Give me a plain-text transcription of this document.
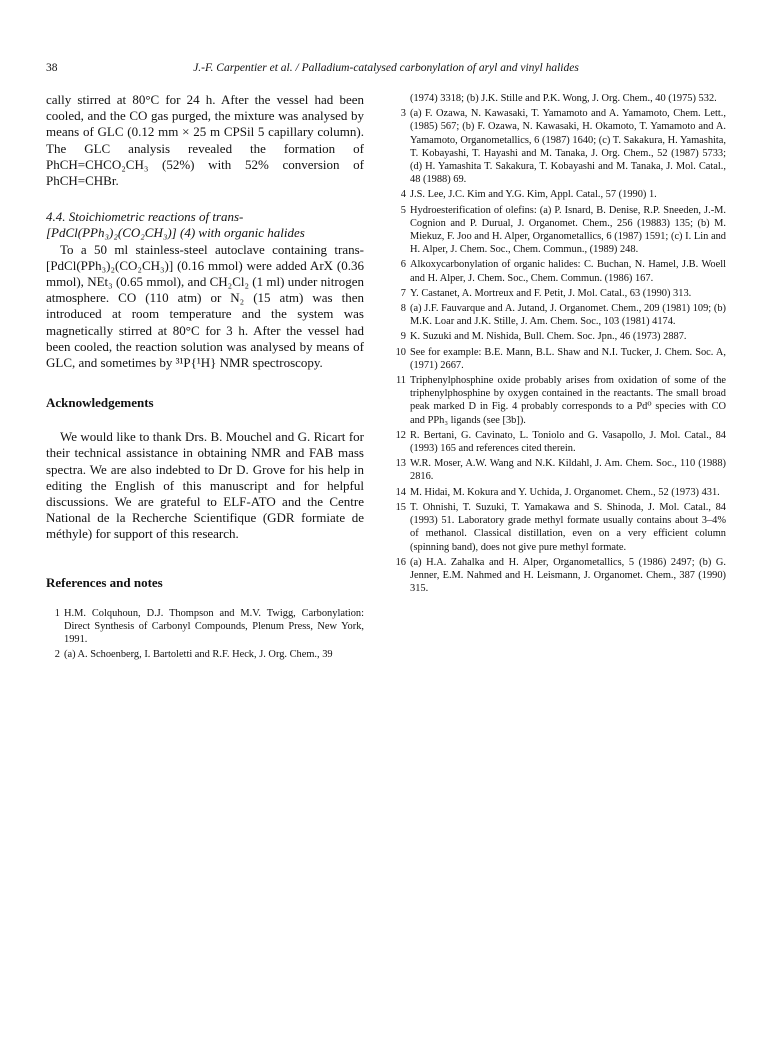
38	J.-F. Carpentier et al. / Palladium-catalysed carbonylation of aryl and vinyl halides

cally stirred at 80°C for 24 h. After the vessel had been cooled, and the CO gas purged, the mixture was analysed by means of GLC (0.12 mm × 25 m CPSil 5 capillary column). The GLC analysis revealed the formation of PhCH=CHCO₂CH₃ (52%) with 52% conversion of PhCH=CHBr.

4.4. Stoichiometric reactions of trans-[PdCl(PPh₃)₂(CO₂CH₃)] (4) with organic halides

To a 50 ml stainless-steel autoclave containing trans-[PdCl(PPh₃)₂(CO₂CH₃)] (0.16 mmol) were added ArX (0.36 mmol), NEt₃ (0.65 mmol), and CH₂Cl₂ (1 ml) under nitrogen atmosphere. CO (110 atm) or N₂ (15 atm) was then introduced at room temperature and the system was magnetically stirred at 80°C for 3 h. After the vessel had been cooled, the reaction solution was analysed by means of GLC, and sometimes by ³¹P{¹H} NMR spectroscopy.

Acknowledgements

We would like to thank Drs. B. Mouchel and G. Ricart for their technical assistance in obtaining NMR and FAB mass spectra. We are also indebted to Dr D. Grove for his help in editing the English of this manuscript and for helpful discussions. We are grateful to ELF-ATO and the Centre National de la Recherche Scientifique (GDR formiate de méthyle) for support of this research.

References and notes

1 H.M. Colquhoun, D.J. Thompson and M.V. Twigg, Carbonylation: Direct Synthesis of Carbonyl Compounds, Plenum Press, New York, 1991.
2 (a) A. Schoenberg, I. Bartoletti and R.F. Heck, J. Org. Chem., 39
(1974) 3318; (b) J.K. Stille and P.K. Wong, J. Org. Chem., 40 (1975) 532.
3 (a) F. Ozawa, N. Kawasaki, T. Yamamoto and A. Yamamoto, Chem. Lett., (1985) 567; (b) F. Ozawa, N. Kawasaki, H. Okamoto, T. Yamamoto and A. Yamamoto, Organometallics, 6 (1987) 1640; (c) T. Sakakura, H. Yamashita, T. Kobayashi, T. Hayashi and M. Tanaka, J. Org. Chem., 52 (1987) 5733; (d) H. Yamashita T. Sakakura, T. Kobayashi and M. Tanaka, J. Mol. Catal., 48 (1988) 69.
4 J.S. Lee, J.C. Kim and Y.G. Kim, Appl. Catal., 57 (1990) 1.
5 Hydroesterification of olefins: (a) P. Isnard, B. Denise, R.P. Sneeden, J.-M. Cognion and P. Durual, J. Organomet. Chem., 256 (19883) 135; (b) M. Miekuz, F. Joo and H. Alper, Organometallics, 6 (1987) 1591; (c) I. Lin and H. Alper, J. Chem. Soc., Chem. Commun., (1989) 248.
6 Alkoxycarbonylation of organic halides: C. Buchan, N. Hamel, J.B. Woell and H. Alper, J. Chem. Soc., Chem. Commun. (1986) 167.
7 Y. Castanet, A. Mortreux and F. Petit, J. Mol. Catal., 63 (1990) 313.
8 (a) J.F. Fauvarque and A. Jutand, J. Organomet. Chem., 209 (1981) 109; (b) M.K. Loar and J.K. Stille, J. Am. Chem. Soc., 103 (1981) 4174.
9 K. Suzuki and M. Nishida, Bull. Chem. Soc. Jpn., 46 (1973) 2887.
10 See for example: B.E. Mann, B.L. Shaw and N.I. Tucker, J. Chem. Soc. A, (1971) 2667.
11 Triphenylphosphine oxide probably arises from oxidation of some of the triphenylphosphine by oxygen contained in the reactants. The small broad peak marked D in Fig. 4 probably corresponds to a Pd⁰ species with CO and PPh₃ ligands (see [3b]).
12 R. Bertani, G. Cavinato, L. Toniolo and G. Vasapollo, J. Mol. Catal., 84 (1993) 165 and references cited therein.
13 W.R. Moser, A.W. Wang and N.K. Kildahl, J. Am. Chem. Soc., 110 (1988) 2816.
14 M. Hidai, M. Kokura and Y. Uchida, J. Organomet. Chem., 52 (1973) 431.
15 T. Ohnishi, T. Suzuki, T. Yamakawa and S. Shinoda, J. Mol. Catal., 84 (1993) 51. Laboratory grade methyl formate usually contains about 3–4% of methanol. Classical distillation, even on a very efficient column (spinning band), does not give pure methyl formate.
16 (a) H.A. Zahalka and H. Alper, Organometallics, 5 (1986) 2497; (b) G. Jenner, E.M. Nahmed and H. Leismann, J. Organomet. Chem., 387 (1990) 315.
